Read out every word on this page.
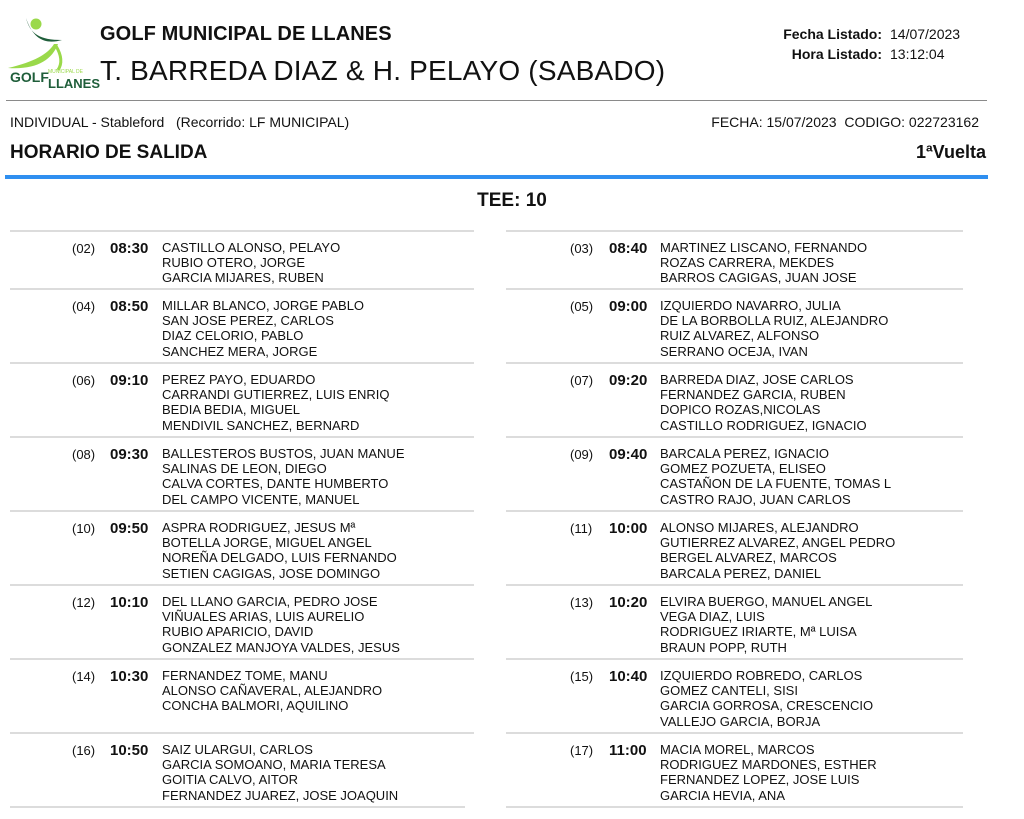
GOLF MUNICIPAL DE
LLANES
GOLF MUNICIPAL DE LLANES
T. BARREDA DIAZ & H. PELAYO (SABADO)
Fecha Listado:
Hora Listado:
14/07/2023
13:12:04
INDIVIDUAL - Stableford   (Recorrido: LF MUNICIPAL)	FECHA: 15/07/2023  CODIGO: 022723162
HORARIO DE SALIDA	1ªVuelta
TEE: 10
(02) 08:30 CASTILLO ALONSO, PELAYO
RUBIO OTERO, JORGE
GARCIA MIJARES, RUBEN
(04) 08:50 MILLAR BLANCO, JORGE PABLO
SAN JOSE PEREZ, CARLOS
DIAZ CELORIO, PABLO
SANCHEZ MERA, JORGE
(06) 09:10 PEREZ PAYO, EDUARDO
CARRANDI GUTIERREZ, LUIS ENRIQ
BEDIA BEDIA, MIGUEL
MENDIVIL SANCHEZ, BERNARD
(08) 09:30 BALLESTEROS BUSTOS, JUAN MANUE
SALINAS DE LEON, DIEGO
CALVA CORTES, DANTE HUMBERTO
DEL CAMPO VICENTE, MANUEL
(10) 09:50 ASPRA RODRIGUEZ, JESUS Mª
BOTELLA JORGE, MIGUEL ANGEL
NOREÑA DELGADO, LUIS FERNANDO
SETIEN CAGIGAS, JOSE DOMINGO
(12) 10:10 DEL LLANO GARCIA, PEDRO JOSE
VIÑUALES ARIAS, LUIS AURELIO
RUBIO APARICIO, DAVID
GONZALEZ MANJOYA VALDES, JESUS
(14) 10:30 FERNANDEZ TOME, MANU
ALONSO CAÑAVERAL, ALEJANDRO
CONCHA BALMORI, AQUILINO
(16) 10:50 SAIZ ULARGUI, CARLOS
GARCIA SOMOANO, MARIA TERESA
GOITIA CALVO, AITOR
FERNANDEZ JUAREZ, JOSE JOAQUIN
(03) 08:40 MARTINEZ LISCANO, FERNANDO
ROZAS CARRERA, MEKDES
BARROS CAGIGAS, JUAN JOSE
(05) 09:00 IZQUIERDO NAVARRO, JULIA
DE LA BORBOLLA RUIZ, ALEJANDRO
RUIZ ALVAREZ, ALFONSO
SERRANO OCEJA, IVAN
(07) 09:20 BARREDA DIAZ, JOSE CARLOS
FERNANDEZ GARCIA, RUBEN
DOPICO ROZAS,NICOLAS
CASTILLO RODRIGUEZ, IGNACIO
(09) 09:40 BARCALA PEREZ, IGNACIO
GOMEZ POZUETA, ELISEO
CASTAÑON DE LA FUENTE, TOMAS L
CASTRO RAJO, JUAN CARLOS
(11) 10:00 ALONSO MIJARES, ALEJANDRO
GUTIERREZ ALVAREZ, ANGEL PEDRO
BERGEL ALVAREZ, MARCOS
BARCALA PEREZ, DANIEL
(13) 10:20 ELVIRA BUERGO, MANUEL ANGEL
VEGA DIAZ, LUIS
RODRIGUEZ IRIARTE, Mª LUISA
BRAUN POPP, RUTH
(15) 10:40 IZQUIERDO ROBREDO, CARLOS
GOMEZ CANTELI, SISI
GARCIA GORROSA, CRESCENCIO
VALLEJO GARCIA, BORJA
(17) 11:00 MACIA MOREL, MARCOS
RODRIGUEZ MARDONES, ESTHER
FERNANDEZ LOPEZ, JOSE LUIS
GARCIA HEVIA, ANA
